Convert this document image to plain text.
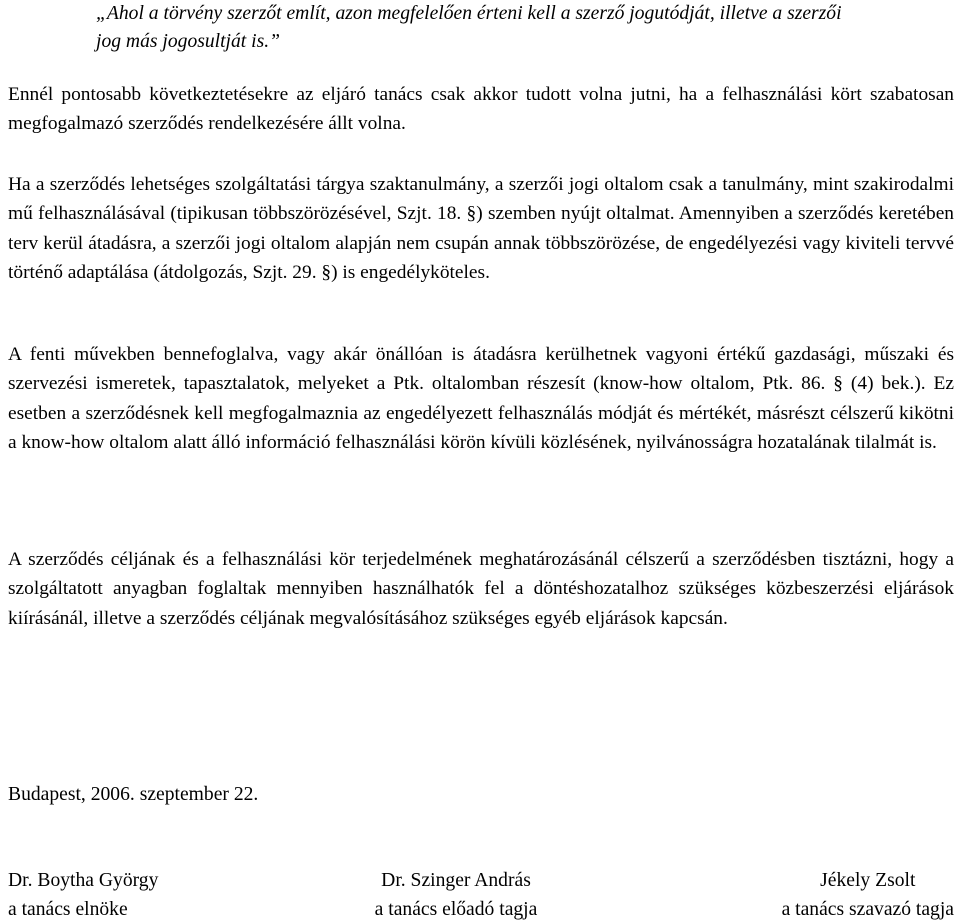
„Ahol a törvény szerzőt említ, azon megfelelően érteni kell a szerző jogutódját, illetve a szerzői jog más jogosultját is.”

Ennél pontosabb következtetésekre az eljáró tanács csak akkor tudott volna jutni, ha a felhasználási kört szabatosan megfogalmazó szerződés rendelkezésére állt volna.

Ha a szerződés lehetséges szolgáltatási tárgya szaktanulmány, a szerzői jogi oltalom csak a tanulmány, mint szakirodalmi mű felhasználásával (tipikusan többszörözésével, Szjt. 18. §) szemben nyújt oltalmat. Amennyiben a szerződés keretében terv kerül átadásra, a szerzői jogi oltalom alapján nem csupán annak többszörözése, de engedélyezési vagy kiviteli tervvé történő adaptálása (átdolgozás, Szjt. 29. §) is engedélyköteles.

A fenti művekben bennefoglalva, vagy akár önállóan is átadásra kerülhetnek vagyoni értékű gazdasági, műszaki és szervezési ismeretek, tapasztalatok, melyeket a Ptk. oltalomban részesít (know-how oltalom, Ptk. 86. § (4) bek.). Ez esetben a szerződésnek kell megfogalmaznia az engedélyezett felhasználás módját és mértékét, másrészt célszerű kikötni a know-how oltalom alatt álló információ felhasználási körön kívüli közlésének, nyilvánosságra hozatalának tilalmát is.

A szerződés céljának és a felhasználási kör terjedelmének meghatározásánál célszerű a szerződésben tisztázni, hogy a szolgáltatott anyagban foglaltak mennyiben használhatók fel a döntéshozatalhoz szükséges közbeszerzési eljárások kiírásánál, illetve a szerződés céljának megvalósításához szükséges egyéb eljárások kapcsán.

Budapest, 2006. szeptember 22.
Dr. Boytha György
a tanács elnöke
Dr. Szinger András
a tanács előadó tagja
Jékely Zsolt
a tanács szavazó tagja
